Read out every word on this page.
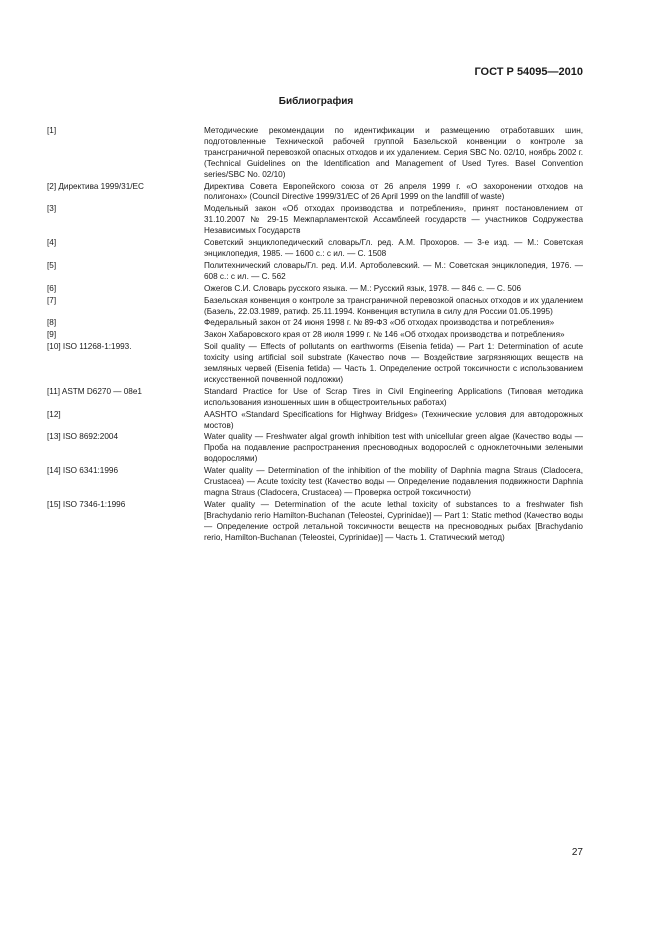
ГОСТ Р 54095—2010
Библиография
[1]	Методические рекомендации по идентификации и размещению отработавших шин, подготовленные Технической рабочей группой Базельской конвенции о контроле за трансграничной перевозкой опасных отходов и их удалением. Серия SBC No. 02/10, ноябрь 2002 г. (Technical Guidelines on the Identification and Management of Used Tyres. Basel Convention series/SBC No. 02/10)
[2] Директива 1999/31/ЕС	Директива Совета Европейского союза от 26 апреля 1999 г. «О захоронении отходов на полигонах» (Council Directive 1999/31/EC of 26 April 1999 on the landfill of waste)
[3]	Модельный закон «Об отходах производства и потребления», принят постановлением от 31.10.2007 № 29-15 Межпарламентской Ассамблеей государств — участников Содружества Независимых Государств
[4]	Советский энциклопедический словарь/Гл. ред. А.М. Прохоров. — 3-е изд. — М.: Советская энциклопедия, 1985. — 1600 с.: с ил. — С. 1508
[5]	Политехнический словарь/Гл. ред. И.И. Артоболевский. — М.: Советская энциклопедия, 1976. — 608 с.: с ил. — С. 562
[6]	Ожегов С.И. Словарь русского языка. — М.: Русский язык, 1978. — 846 с. — С. 506
[7]	Базельская конвенция о контроле за трансграничной перевозкой опасных отходов и их удалением (Базель, 22.03.1989, ратиф. 25.11.1994. Конвенция вступила в силу для России 01.05.1995)
[8]	Федеральный закон от 24 июня 1998 г. № 89-ФЗ «Об отходах производства и потребления»
[9]	Закон Хабаровского края от 28 июля 1999 г. № 146 «Об отходах производства и потребления»
[10] ISO 11268-1:1993.	Soil quality — Effects of pollutants on earthworms (Eisenia fetida) — Part 1: Determination of acute toxicity using artificial soil substrate (Качество почв — Воздействие загрязняющих веществ на земляных червей (Eisenia fetida) — Часть 1. Определение острой токсичности с использованием искусственной почвенной подложки)
[11] ASTM D6270 — 08e1	Standard Practice for Use of Scrap Tires in Civil Engineering Applications (Типовая методика использования изношенных шин в общестроительных работах)
[12]	AASHTO «Standard Specifications for Highway Bridges» (Технические условия для автодорожных мостов)
[13] ISO 8692:2004	Water quality — Freshwater algal growth inhibition test with unicellular green algae (Качество воды — Проба на подавление распространения пресноводных водорослей с одноклеточными зелеными водорослями)
[14] ISO 6341:1996	Water quality — Determination of the inhibition of the mobility of Daphnia magna Straus (Cladocera, Crustacea) — Acute toxicity test (Качество воды — Определение подавления подвижности Daphnia magna Straus (Cladocera, Crustacea) — Проверка острой токсичности)
[15] ISO 7346-1:1996	Water quality — Determination of the acute lethal toxicity of substances to a freshwater fish [Brachydanio rerio Hamilton-Buchanan (Teleostei, Cyprinidae)] — Part 1: Static method (Качество воды — Определение острой летальной токсичности веществ на пресноводных рыбах [Brachydanio rerio, Hamilton-Buchanan (Teleostei, Cyprinidae)] — Часть 1. Статический метод)
27
